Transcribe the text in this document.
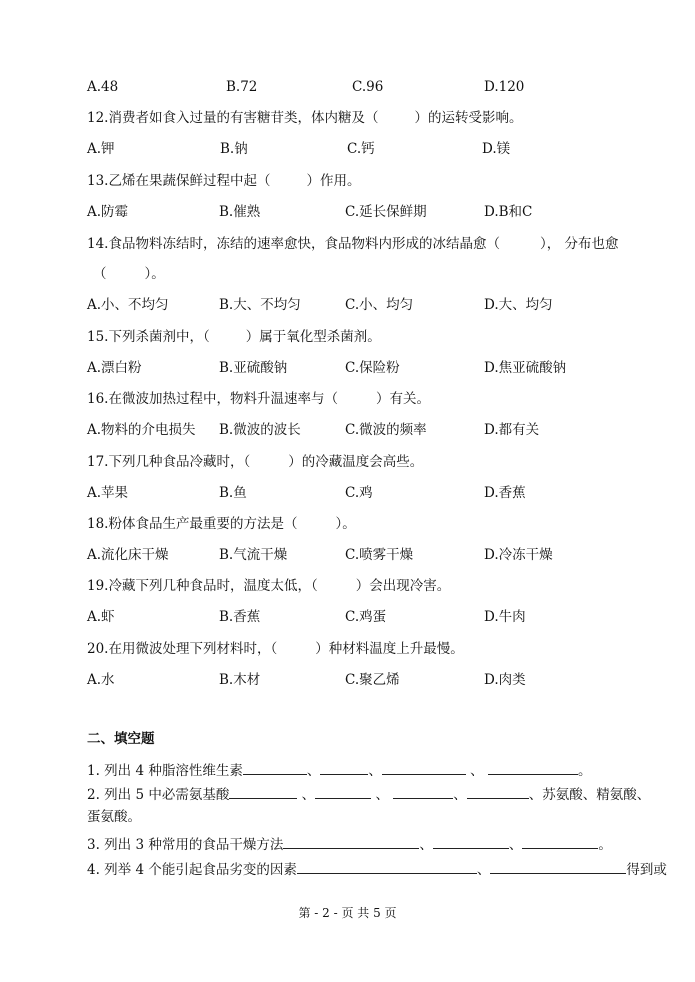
A.48	B.72	C.96	D.120
12.消费者如食入过量的有害糖苷类，体内糖及（	）的运转受影响。
A.钾	B.钠	C.钙	D.镁
13.乙烯在果蔬保鲜过程中起（	）作用。
A.防霉	B.催熟	C.延长保鲜期	D.B和C
14.食品物料冻结时，冻结的速率愈快，食品物料内形成的冰结晶愈（	）， 分布也愈
（	）。
A.小、不均匀	B.大、不均匀	C.小、均匀	D.大、均匀
15.下列杀菌剂中，（	）属于氧化型杀菌剂。
A.漂白粉	B.亚硫酸钠	C.保险粉	D.焦亚硫酸钠
16.在微波加热过程中，物料升温速率与（	）有关。
A.物料的介电损失 B.微波的波长	C.微波的频率	D.都有关
17.下列几种食品冷藏时，（	）的冷藏温度会高些。
A.苹果	B.鱼	C.鸡	D.香蕉
18.粉体食品生产最重要的方法是（	）。
A.流化床干燥	B.气流干燥	C.喷雾干燥	D.冷冻干燥
19.冷藏下列几种食品时，温度太低，（	）会出现冷害。
A.虾	B.香蕉	C.鸡蛋	D.牛肉
20.在用微波处理下列材料时，（	）种材料温度上升最慢。
A.水	B.木材	C.聚乙烯	D.肉类
二、填空题
1. 列出 4 种脂溶性维生素	、	、	、	。
2. 列出 5 中必需氨基酸	、	、	、	、苏氨酸、精氨酸、
蛋氨酸。
3. 列出 3 种常用的食品干燥方法	、	、	。
4. 列举 4 个能引起食品劣变的因素	、	得到或
第 - 2 - 页 共 5 页
